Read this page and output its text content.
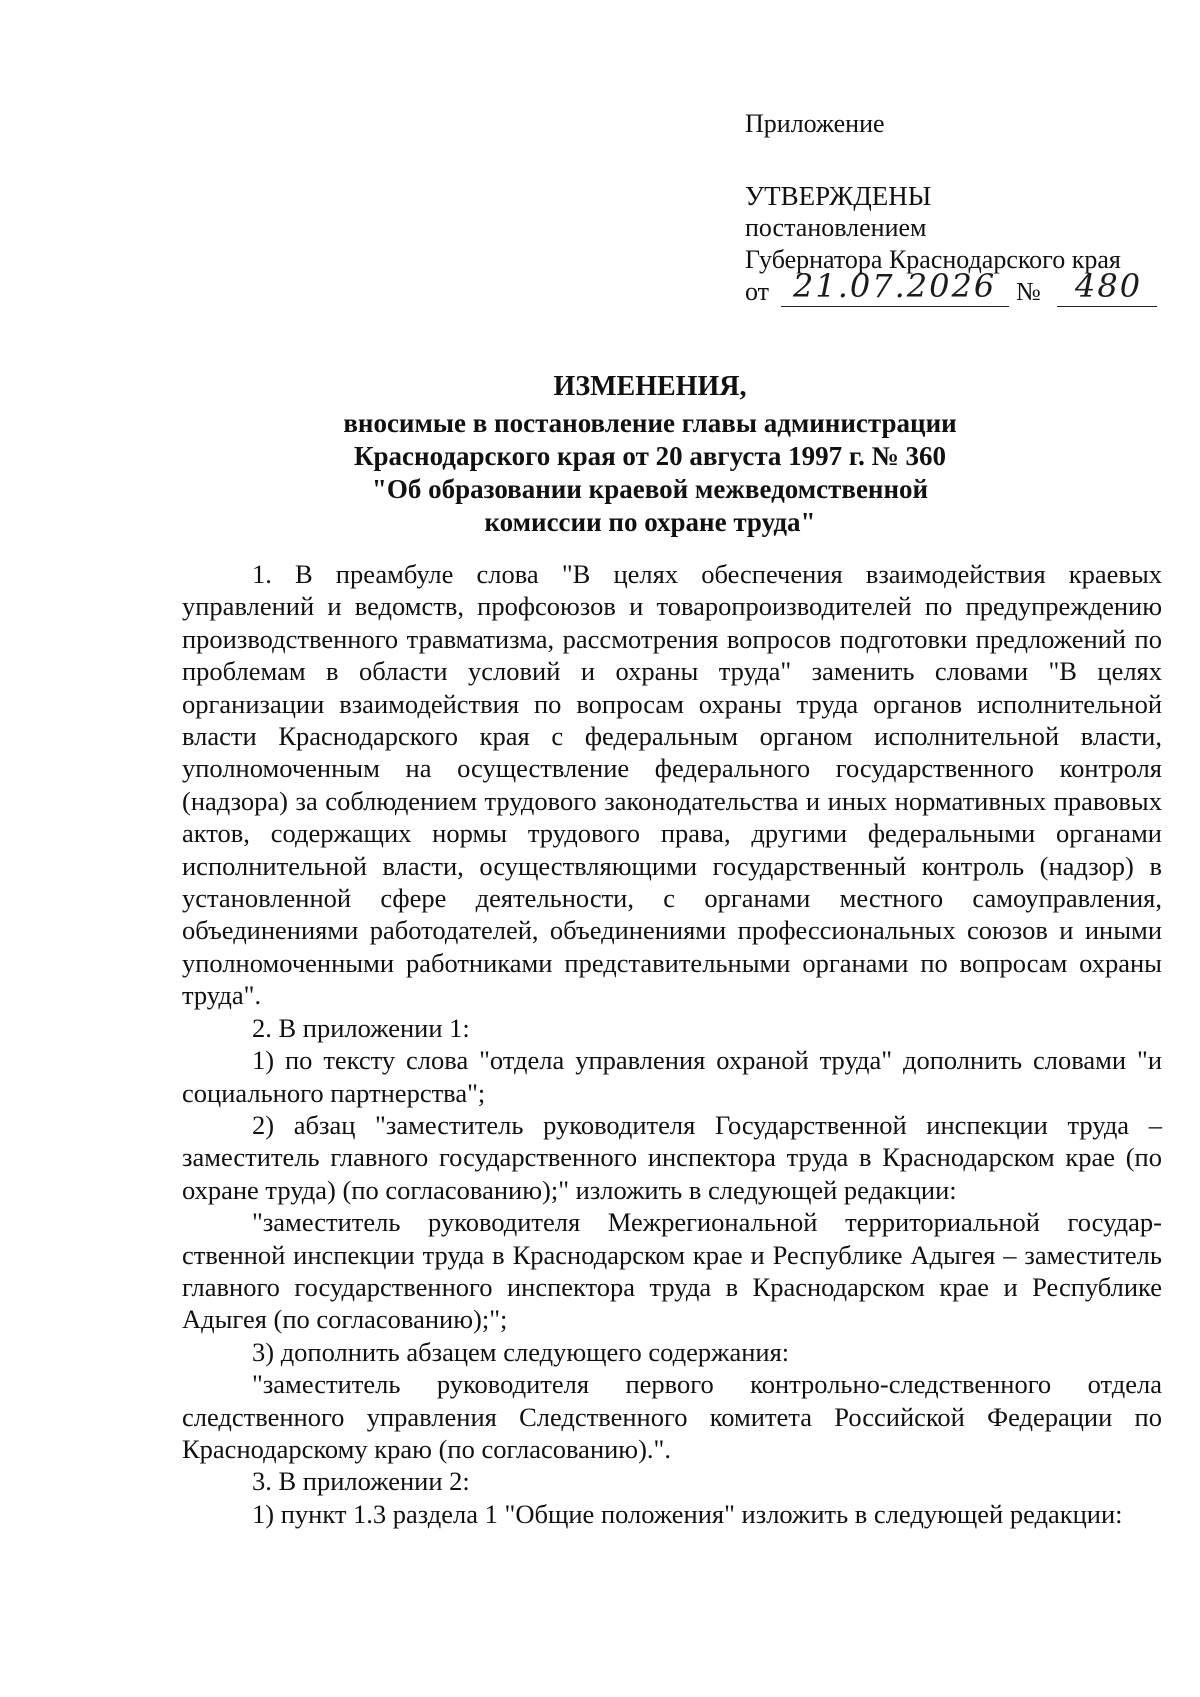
Приложение
УТВЕРЖДЕНЫ
постановлением
Губернатора Краснодарского края
от 21.07.2026 № 480
ИЗМЕНЕНИЯ,
вносимые в постановление главы администрации
Краснодарского края от 20 августа 1997 г. № 360
"Об образовании краевой межведомственной
комиссии по охране труда"

1. В преамбуле слова "В целях обеспечения взаимодействия краевых управлений и ведомств, профсоюзов и товаропроизводителей по предупреждению производственного травматизма, рассмотрения вопросов подготовки предложений по проблемам в области условий и охраны труда" заменить словами "В целях организации взаимодействия по вопросам охраны труда органов исполнительной власти Краснодарского края с федеральным органом исполнительной власти, уполномоченным на осуществление федерального государственного контроля (надзора) за соблюдением трудового законодательства и иных нормативных правовых актов, содержащих нормы трудового права, другими федеральными органами исполнительной власти, осуществляющими государственный контроль (надзор) в установленной сфере деятельности, с органами местного самоуправления, объединениями работодателей, объединениями профессиональных союзов и иными уполномоченными работниками представительными органами по вопросам охраны труда".

2. В приложении 1:

1) по тексту слова "отдела управления охраной труда" дополнить словами "и социального партнерства";

2) абзац "заместитель руководителя Государственной инспекции труда – заместитель главного государственного инспектора труда в Краснодарском крае (по охране труда) (по согласованию);" изложить в следующей редакции:

"заместитель руководителя Межрегиональной территориальной государственной инспекции труда в Краснодарском крае и Республике Адыгея – заместитель главного государственного инспектора труда в Краснодарском крае и Республике Адыгея (по согласованию);";

3) дополнить абзацем следующего содержания:

"заместитель руководителя первого контрольно-следственного отдела следственного управления Следственного комитета Российской Федерации по Краснодарскому краю (по согласованию).".

3. В приложении 2:

1) пункт 1.3 раздела 1 "Общие положения" изложить в следующей редакции:
